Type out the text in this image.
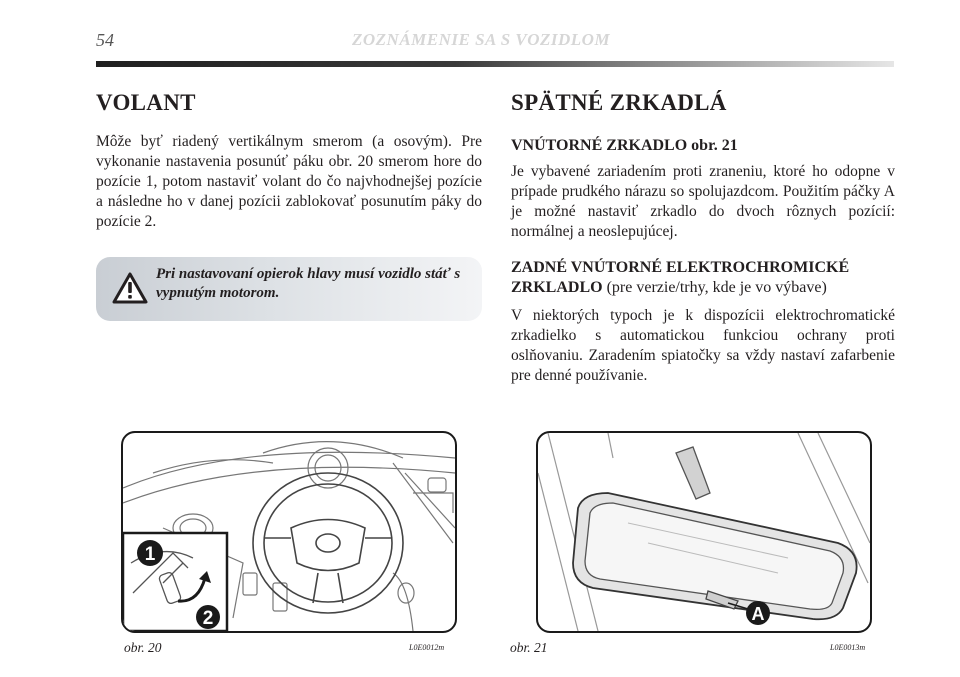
54	ZOZNÁMENIE SA S VOZIDLOM
VOLANT

Môže byť riadený vertikálnym smerom (a osovým). Pre vykonanie nastavenia posunúť páku obr. 20 smerom hore do pozície 1, potom nastaviť volant do čo najvhodnejšej pozície a následne ho v danej pozícii zablokovať posunutím páky do pozície 2.

Pri nastavovaní opierok hlavy musí vozidlo stáť s vypnutým motorom.
SPÄTNÉ ZRKADLÁ
VNÚTORNÉ ZRKADLO obr. 21

Je vybavené zariadením proti zraneniu, ktoré ho odopne v prípade prudkého nárazu so spolujazdcom. Použitím páčky A je možné nastaviť zrkadlo do dvoch rôznych pozícií: normálnej a neoslepujúcej.

ZADNÉ VNÚTORNÉ ELEKTROCHROMICKÉ ZRKLADLO (pre verzie/trhy, kde je vo výbave)

V niektorých typoch je k dispozícii elektrochromatické zrkadielko s automatickou funkciou ochrany proti oslňovaniu. Zaradením spiatočky sa vždy nastaví zafarbenie pre denné používanie.

1
2
obr. 20	L0E0012m
A
obr. 21	L0E0013m
